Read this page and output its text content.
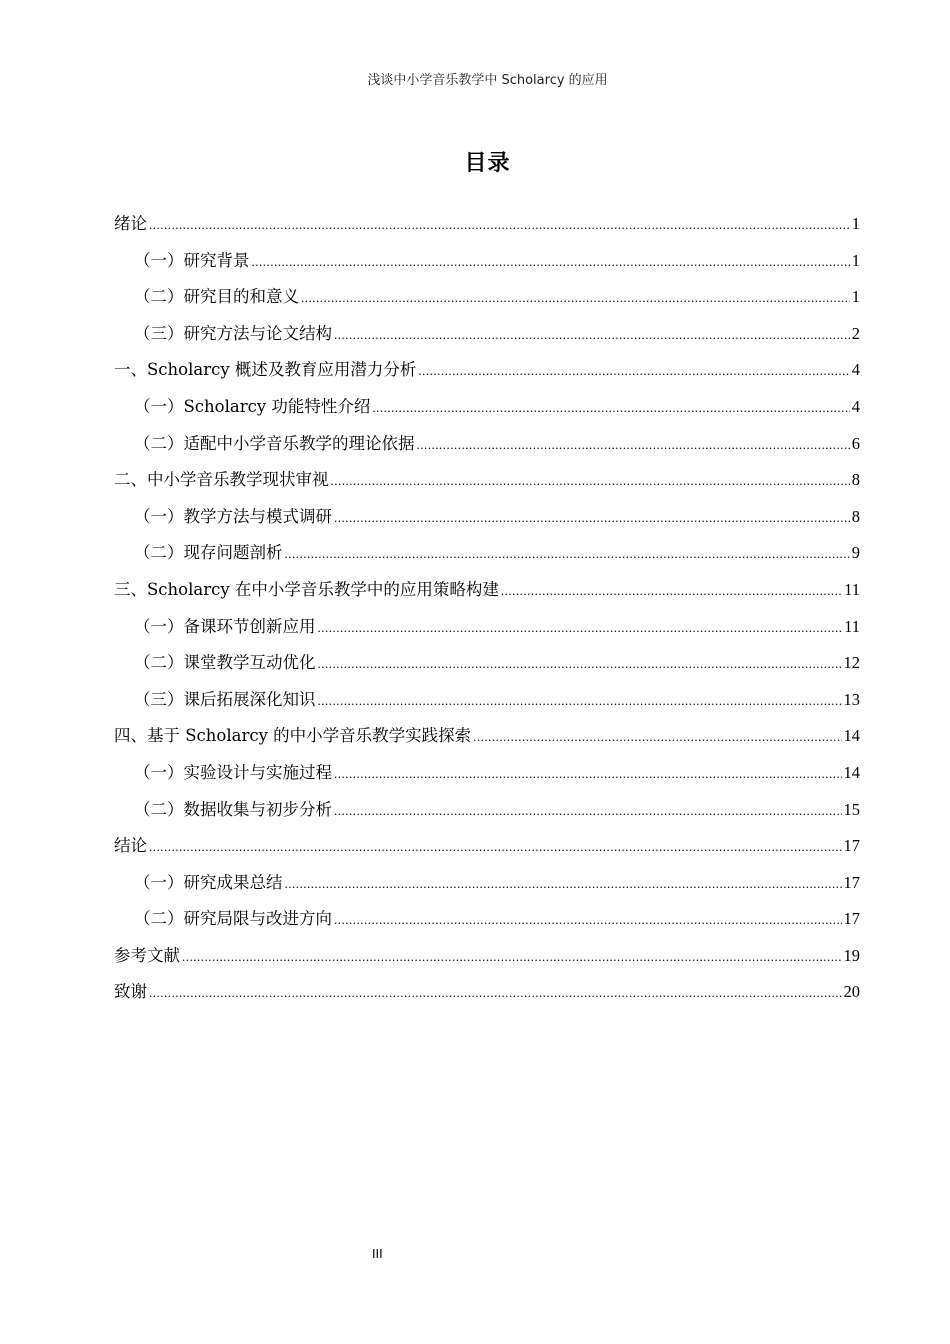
浅谈中小学音乐教学中 Scholarcy 的应用
目录
绪论 .....	1
（一）研究背景 .....	1
（二）研究目的和意义 .....	1
（三）研究方法与论文结构 .....	2
一、Scholarcy 概述及教育应用潜力分析 .....	4
（一）Scholarcy 功能特性介绍 .....	4
（二）适配中小学音乐教学的理论依据 .....	6
二、中小学音乐教学现状审视 .....	8
（一）教学方法与模式调研 .....	8
（二）现存问题剖析 .....	9
三、Scholarcy 在中小学音乐教学中的应用策略构建 .....	11
（一）备课环节创新应用 .....	11
（二）课堂教学互动优化 .....	12
（三）课后拓展深化知识 .....	13
四、基于 Scholarcy 的中小学音乐教学实践探索 .....	14
（一）实验设计与实施过程 .....	14
（二）数据收集与初步分析 .....	15
结论 .....	17
（一）研究成果总结 .....	17
（二）研究局限与改进方向 .....	17
参考文献 .....	19
致谢 .....	20
III
